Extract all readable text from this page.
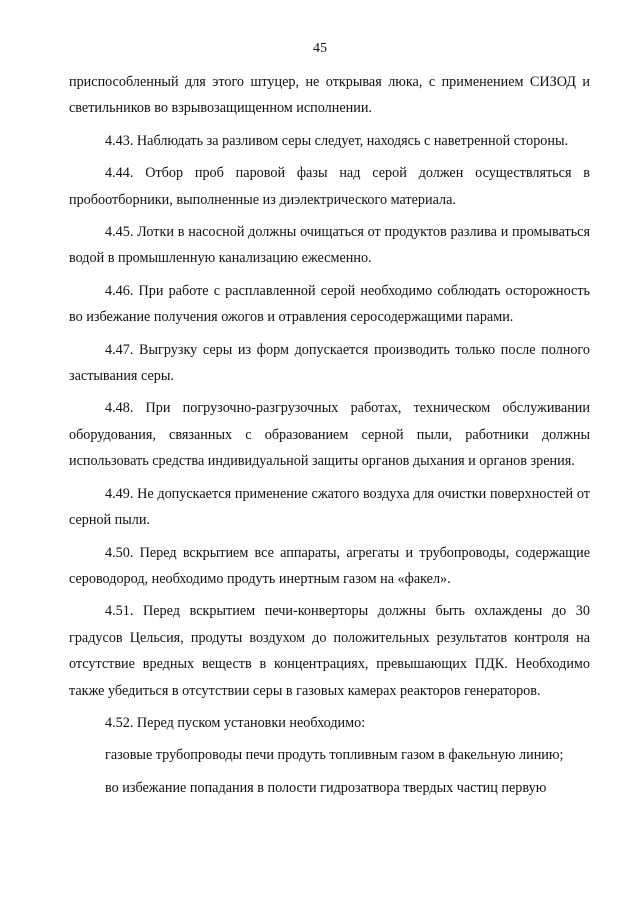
45

приспособленный для этого штуцер, не открывая люка, с применением СИЗОД и светильников во взрывозащищенном исполнении.

4.43. Наблюдать за разливом серы следует, находясь с наветренной стороны.

4.44. Отбор проб паровой фазы над серой должен осуществляться в пробоотборники, выполненные из диэлектрического материала.

4.45. Лотки в насосной должны очищаться от продуктов разлива и промываться водой в промышленную канализацию ежесменно.

4.46. При работе с расплавленной серой необходимо соблюдать осторожность во избежание получения ожогов и отравления серосодержащими парами.

4.47. Выгрузку серы из форм допускается производить только после полного застывания серы.

4.48. При погрузочно-разгрузочных работах, техническом обслуживании оборудования, связанных с образованием серной пыли, работники должны использовать средства индивидуальной защиты органов дыхания и органов зрения.

4.49. Не допускается применение сжатого воздуха для очистки поверхностей от серной пыли.

4.50. Перед вскрытием все аппараты, агрегаты и трубопроводы, содержащие сероводород, необходимо продуть инертным газом на «факел».

4.51. Перед вскрытием печи-конверторы должны быть охлаждены до 30 градусов Цельсия, продуты воздухом до положительных результатов контроля на отсутствие вредных веществ в концентрациях, превышающих ПДК. Необходимо также убедиться в отсутствии серы в газовых камерах реакторов генераторов.

4.52. Перед пуском установки необходимо:

газовые трубопроводы печи продуть топливным газом в факельную линию;

во избежание попадания в полости гидрозатвора твердых частиц первую
